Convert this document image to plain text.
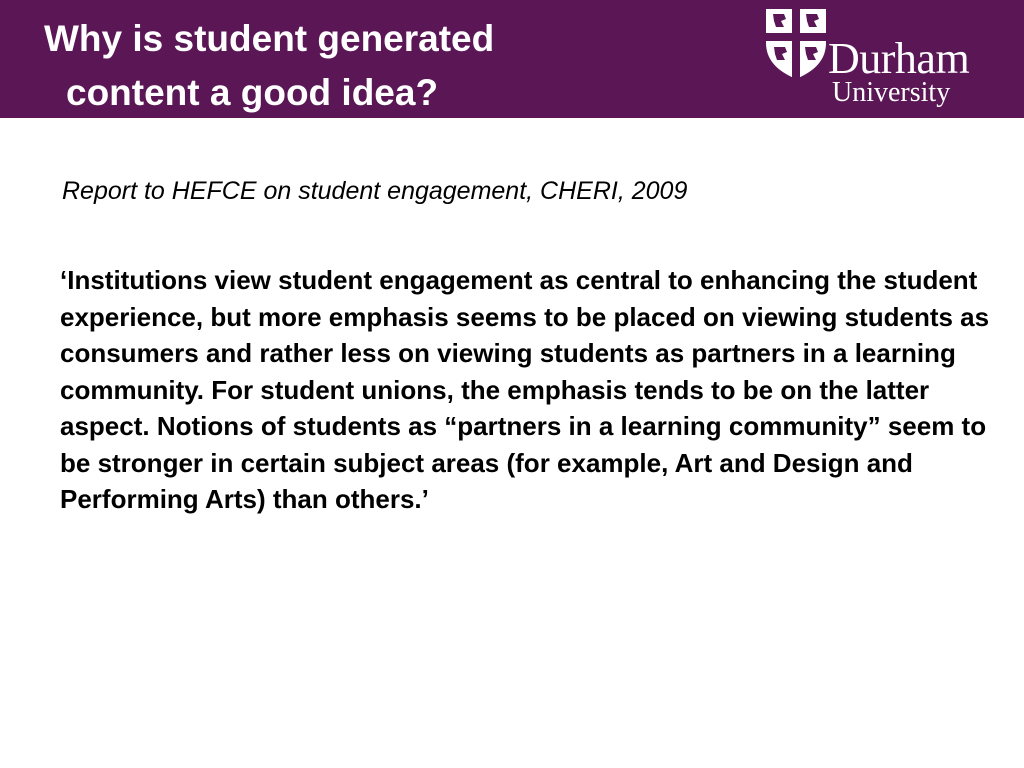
Why is student generated
content a good idea?
Durham
University
Report to HEFCE on student engagement, CHERI, 2009

‘Institutions view student engagement as central to enhancing the student experience, but more emphasis seems to be placed on viewing students as consumers and rather less on viewing students as partners in a learning community. For student unions, the emphasis tends to be on the latter aspect. Notions of students as “partners in a learning community” seem to be stronger in certain subject areas (for example, Art and Design and Performing Arts) than others.’
